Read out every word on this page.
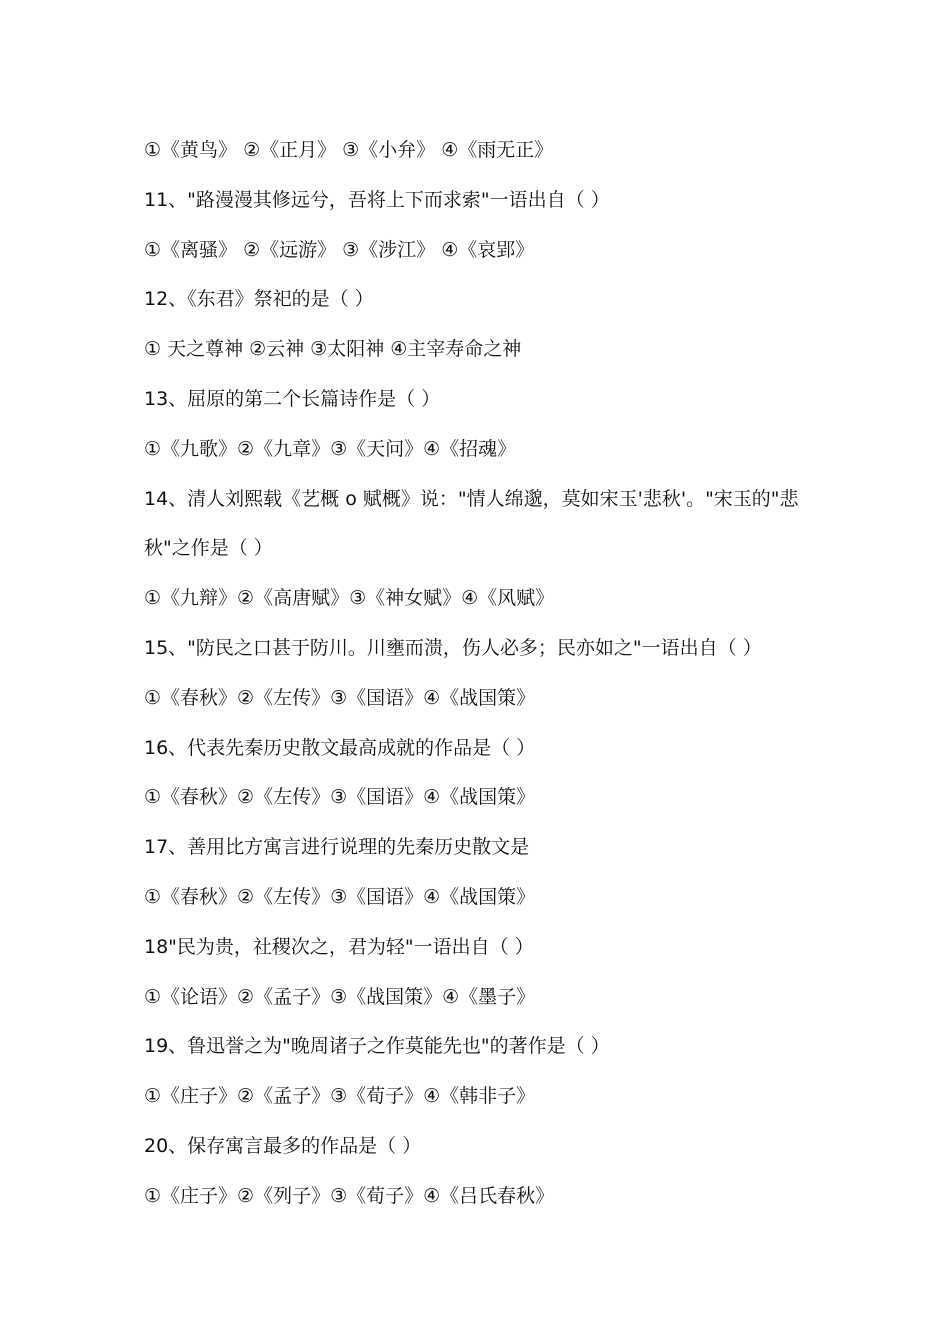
①《黄鸟》 ②《正月》 ③《小弁》 ④《雨无正》
11、"路漫漫其修远兮，吾将上下而求索"一语出自（ ）
①《离骚》 ②《远游》 ③《涉江》 ④《哀郢》
12、《东君》祭祀的是（ ）
① 天之尊神 ②云神 ③太阳神 ④主宰寿命之神
13、屈原的第二个长篇诗作是（ ）
①《九歌》②《九章》③《天问》④《招魂》
14、清人刘熙载《艺概 o 赋概》说："情人绵邈，莫如宋玉'悲秋'。"宋玉的"悲
秋"之作是（ ）
①《九辩》②《高唐赋》③《神女赋》④《风赋》
15、"防民之口甚于防川。川壅而溃，伤人必多；民亦如之"一语出自（ ）
①《春秋》②《左传》③《国语》④《战国策》
16、代表先秦历史散文最高成就的作品是（ ）
①《春秋》②《左传》③《国语》④《战国策》
17、善用比方寓言进行说理的先秦历史散文是
①《春秋》②《左传》③《国语》④《战国策》
18"民为贵，社稷次之，君为轻"一语出自（ ）
①《论语》②《孟子》③《战国策》④《墨子》
19、鲁迅誉之为"晚周诸子之作莫能先也"的著作是（ ）
①《庄子》②《孟子》③《荀子》④《韩非子》
20、保存寓言最多的作品是（ ）
①《庄子》②《列子》③《荀子》④《吕氏春秋》
